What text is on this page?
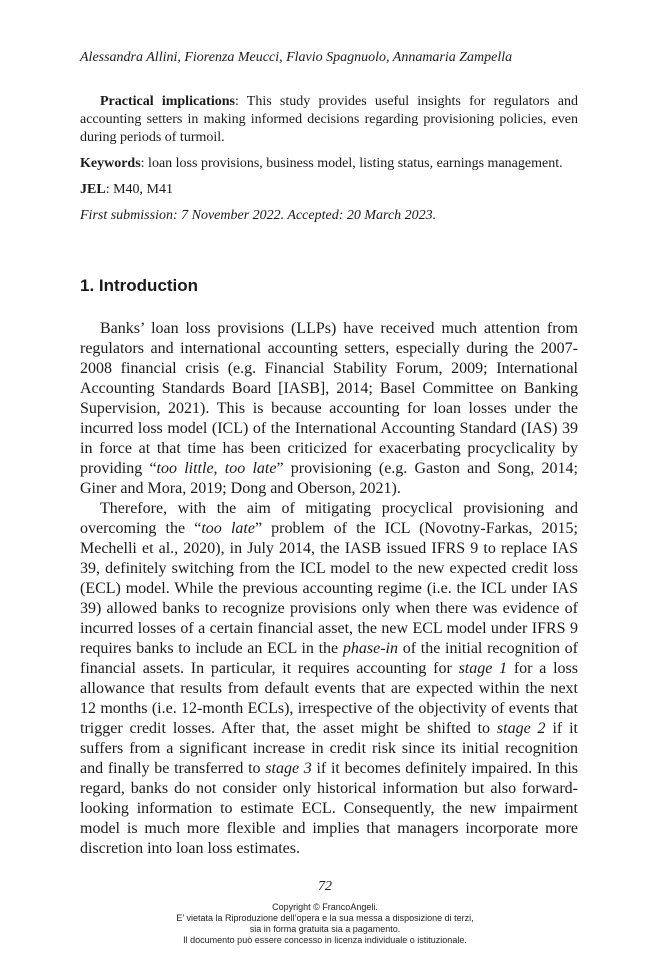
Alessandra Allini, Fiorenza Meucci, Flavio Spagnuolo, Annamaria Zampella

Practical implications: This study provides useful insights for regulators and accounting setters in making informed decisions regarding provisioning policies, even during periods of turmoil.

Keywords: loan loss provisions, business model, listing status, earnings management.

JEL: M40, M41

First submission: 7 November 2022. Accepted: 20 March 2023.

1. Introduction

Banks’ loan loss provisions (LLPs) have received much attention from regulators and international accounting setters, especially during the 2007-2008 financial crisis (e.g. Financial Stability Forum, 2009; International Accounting Standards Board [IASB], 2014; Basel Committee on Banking Supervision, 2021). This is because accounting for loan losses under the incurred loss model (ICL) of the International Accounting Standard (IAS) 39 in force at that time has been criticized for exacerbating procyclicality by providing “too little, too late” provisioning (e.g. Gaston and Song, 2014; Giner and Mora, 2019; Dong and Oberson, 2021).

Therefore, with the aim of mitigating procyclical provisioning and overcoming the “too late” problem of the ICL (Novotny-Farkas, 2015; Mechelli et al., 2020), in July 2014, the IASB issued IFRS 9 to replace IAS 39, definitely switching from the ICL model to the new expected credit loss (ECL) model. While the previous accounting regime (i.e. the ICL under IAS 39) allowed banks to recognize provisions only when there was evidence of incurred losses of a certain financial asset, the new ECL model under IFRS 9 requires banks to include an ECL in the phase-in of the initial recognition of financial assets. In particular, it requires accounting for stage 1 for a loss allowance that results from default events that are expected within the next 12 months (i.e. 12-month ECLs), irrespective of the objectivity of events that trigger credit losses. After that, the asset might be shifted to stage 2 if it suffers from a significant increase in credit risk since its initial recognition and finally be transferred to stage 3 if it becomes definitely impaired. In this regard, banks do not consider only historical information but also forward-looking information to estimate ECL. Consequently, the new impairment model is much more flexible and implies that managers incorporate more discretion into loan loss estimates.

72
Copyright © FrancoAngeli.
E’ vietata la Riproduzione dell’opera e la sua messa a disposizione di terzi,
sia in forma gratuita sia a pagamento.
Il documento può essere concesso in licenza individuale o istituzionale.
